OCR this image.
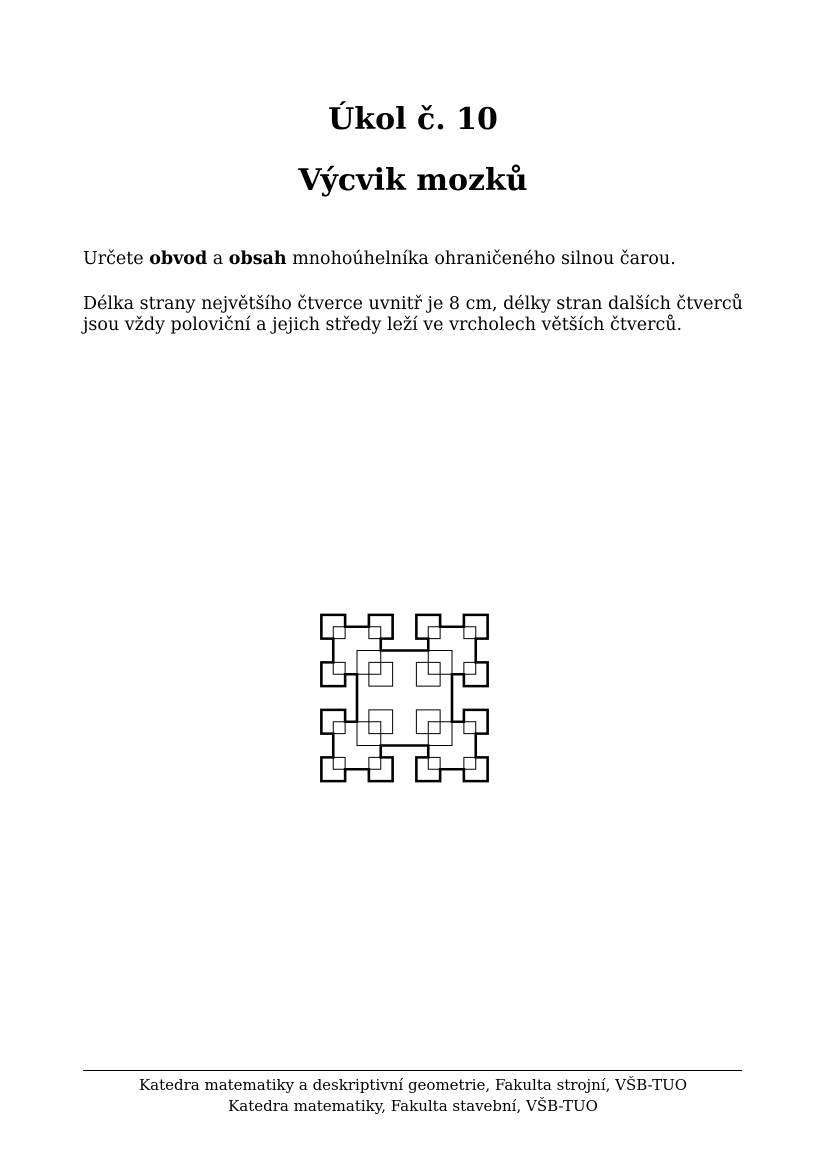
Úkol č. 10
Výcvik mozků

Určete obvod a obsah mnohoúhelníka ohraničeného silnou čarou.

Délka strany největšího čtverce uvnitř je 8 cm, délky stran dalších čtverců
jsou vždy poloviční a jejich středy leží ve vrcholech větších čtverců.

Katedra matematiky a deskriptivní geometrie, Fakulta strojní, VŠB-TUO
Katedra matematiky, Fakulta stavební, VŠB-TUO
